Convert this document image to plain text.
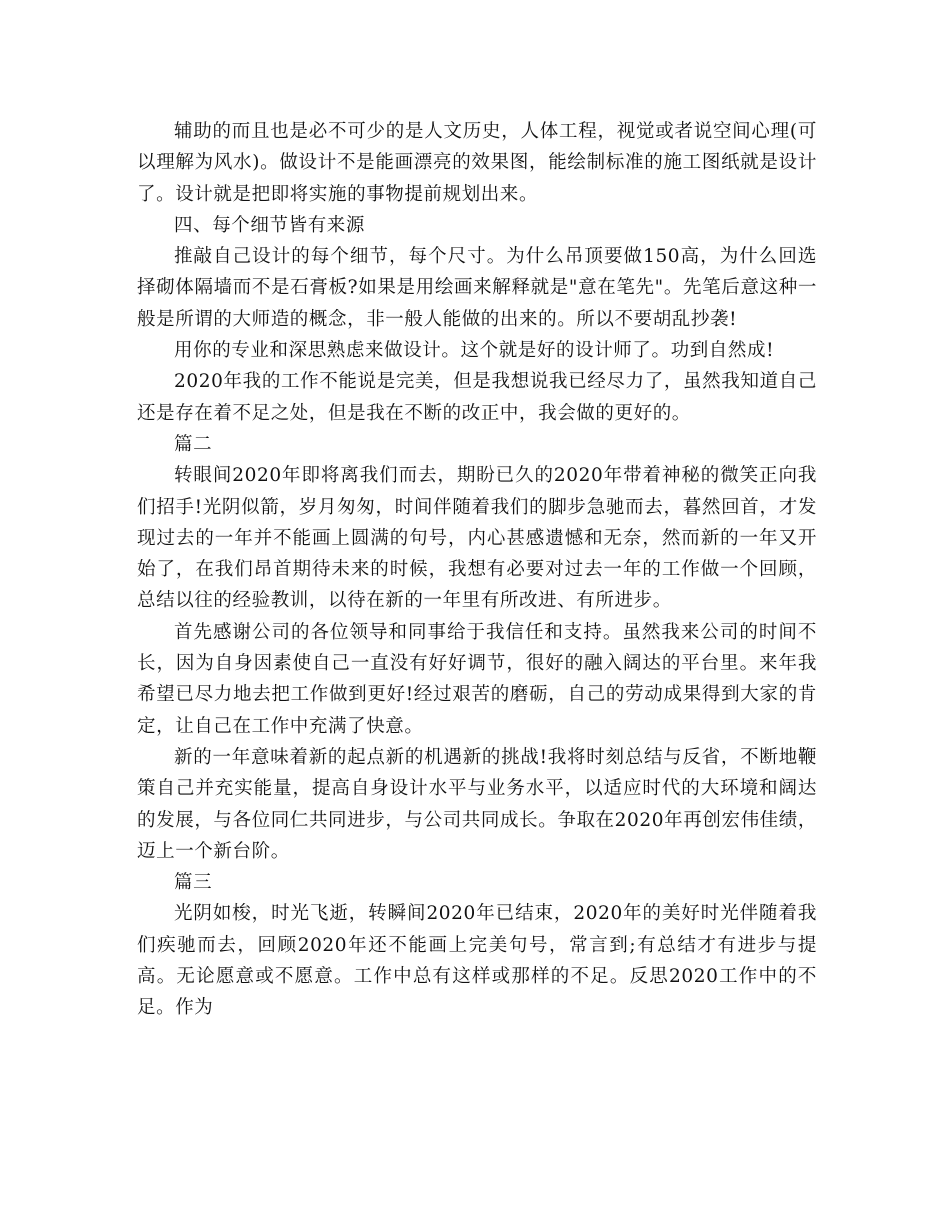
辅助的而且也是必不可少的是人文历史，人体工程，视觉或者说空间心理(可以理解为风水)。做设计不是能画漂亮的效果图，能绘制标准的施工图纸就是设计了。设计就是把即将实施的事物提前规划出来。

四、每个细节皆有来源

推敲自己设计的每个细节，每个尺寸。为什么吊顶要做150高，为什么回选择砌体隔墙而不是石膏板?如果是用绘画来解释就是"意在笔先"。先笔后意这种一般是所谓的大师造的概念，非一般人能做的出来的。所以不要胡乱抄袭!

用你的专业和深思熟虑来做设计。这个就是好的设计师了。功到自然成!

2020年我的工作不能说是完美，但是我想说我已经尽力了，虽然我知道自己还是存在着不足之处，但是我在不断的改正中，我会做的更好的。

篇二

转眼间2020年即将离我们而去，期盼已久的2020年带着神秘的微笑正向我们招手!光阴似箭，岁月匆匆，时间伴随着我们的脚步急驰而去，暮然回首，才发现过去的一年并不能画上圆满的句号，内心甚感遗憾和无奈，然而新的一年又开始了，在我们昂首期待未来的时候，我想有必要对过去一年的工作做一个回顾，总结以往的经验教训，以待在新的一年里有所改进、有所进步。

首先感谢公司的各位领导和同事给于我信任和支持。虽然我来公司的时间不长，因为自身因素使自己一直没有好好调节，很好的融入阔达的平台里。来年我希望已尽力地去把工作做到更好!经过艰苦的磨砺，自己的劳动成果得到大家的肯定，让自己在工作中充满了快意。

新的一年意味着新的起点新的机遇新的挑战!我将时刻总结与反省，不断地鞭策自己并充实能量，提高自身设计水平与业务水平，以适应时代的大环境和阔达的发展，与各位同仁共同进步，与公司共同成长。争取在2020年再创宏伟佳绩，迈上一个新台阶。

篇三

光阴如梭，时光飞逝，转瞬间2020年已结束，2020年的美好时光伴随着我们疾驰而去，回顾2020年还不能画上完美句号，常言到;有总结才有进步与提高。无论愿意或不愿意。工作中总有这样或那样的不足。反思2020工作中的不足。作为
